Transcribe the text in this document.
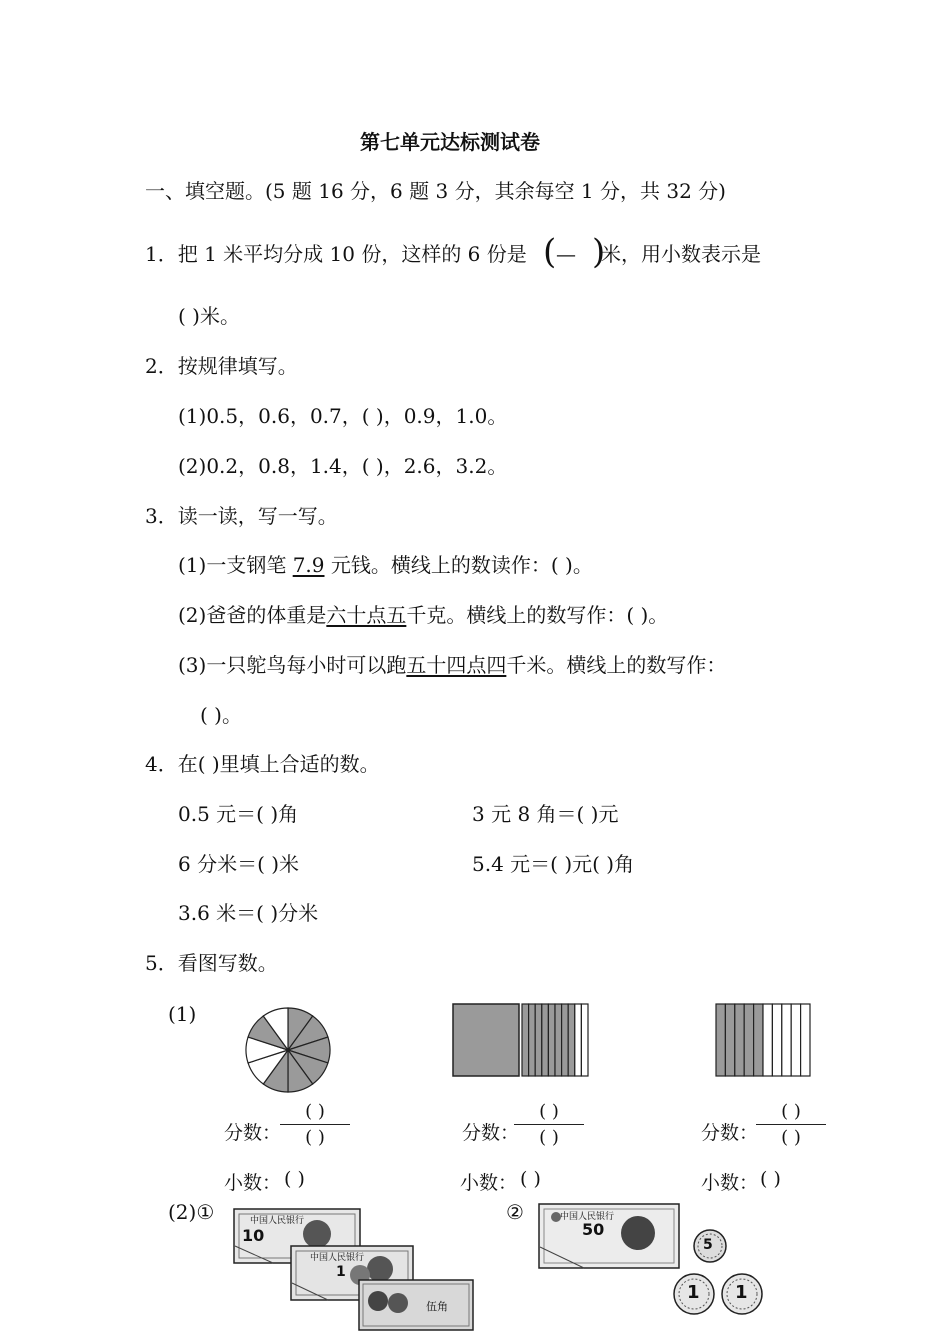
第七单元达标测试卷
一、填空题。(5 题 16 分，6 题 3 分，其余每空 1 分，共 32 分)
1．把 1 米平均分成 10 份，这样的 6 份是 ( — )
米，用小数表示是
( )米。
2．按规律填写。
(1)0.5，0.6，0.7，( )，0.9，1.0。
(2)0.2，0.8，1.4，( )，2.6，3.2。
3．读一读，写一写。
(1)一支钢笔 7.9 元钱。横线上的数读作：( )。
(2)爸爸的体重是六十点五千克。横线上的数写作：( )。
(3)一只鸵鸟每小时可以跑五十四点四千米。横线上的数写作：
( )。
4．在( )里填上合适的数。
0.5 元＝( )角	3 元 8 角＝( )元
6 分米＝( )米	5.4 元＝( )元( )角
3.6 米＝( )分米
5．看图写数。
(1)
分数：
( )
( )
小数： ( )
分数：
( )
( )
小数： ( )
分数：
( )
( )
小数： ( )
(2)①	②
10
中国人民银行
中国人民银行
1
伍角
中国人民银行
50
5
1 1
